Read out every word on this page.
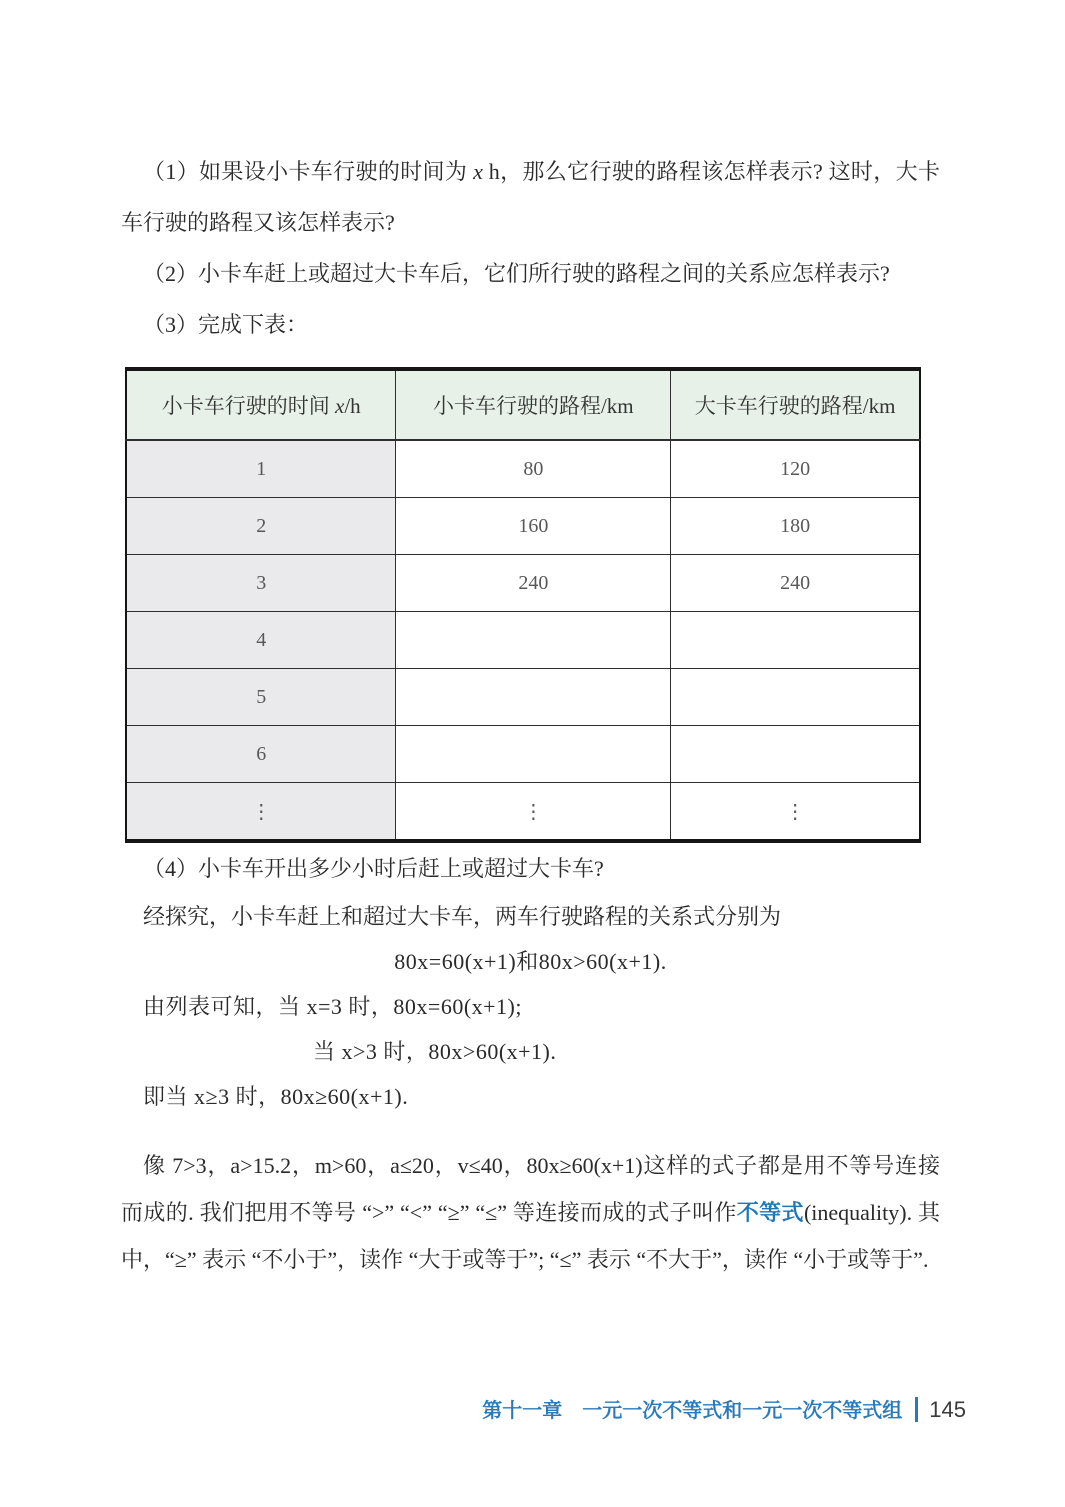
（1）如果设小卡车行驶的时间为 x h，那么它行驶的路程该怎样表示? 这时，大卡车行驶的路程又该怎样表示?

（2）小卡车赶上或超过大卡车后，它们所行驶的路程之间的关系应怎样表示?

（3）完成下表：

小卡车行驶的时间 x/h	小卡车行驶的路程/km	大卡车行驶的路程/km
1	80	120
2	160	180
3	240	240
4		
5		
6		
⋮	⋮	⋮

（4）小卡车开出多少小时后赶上或超过大卡车?

经探究，小卡车赶上和超过大卡车，两车行驶路程的关系式分别为

80x=60(x+1)和80x>60(x+1).

由列表可知，当 x=3 时，80x=60(x+1);

当 x>3 时，80x>60(x+1).

即当 x≥3 时，80x≥60(x+1).

像 7>3，a>15.2，m>60，a≤20，v≤40，80x≥60(x+1)这样的式子都是用不等号连接而成的. 我们把用不等号 “>” “<” “≥” “≤” 等连接而成的式子叫作不等式(inequality). 其中，“≥” 表示 “不小于”，读作 “大于或等于”; “≤” 表示 “不大于”，读作 “小于或等于”.

第十一章 一元一次不等式和一元一次不等式组 145
